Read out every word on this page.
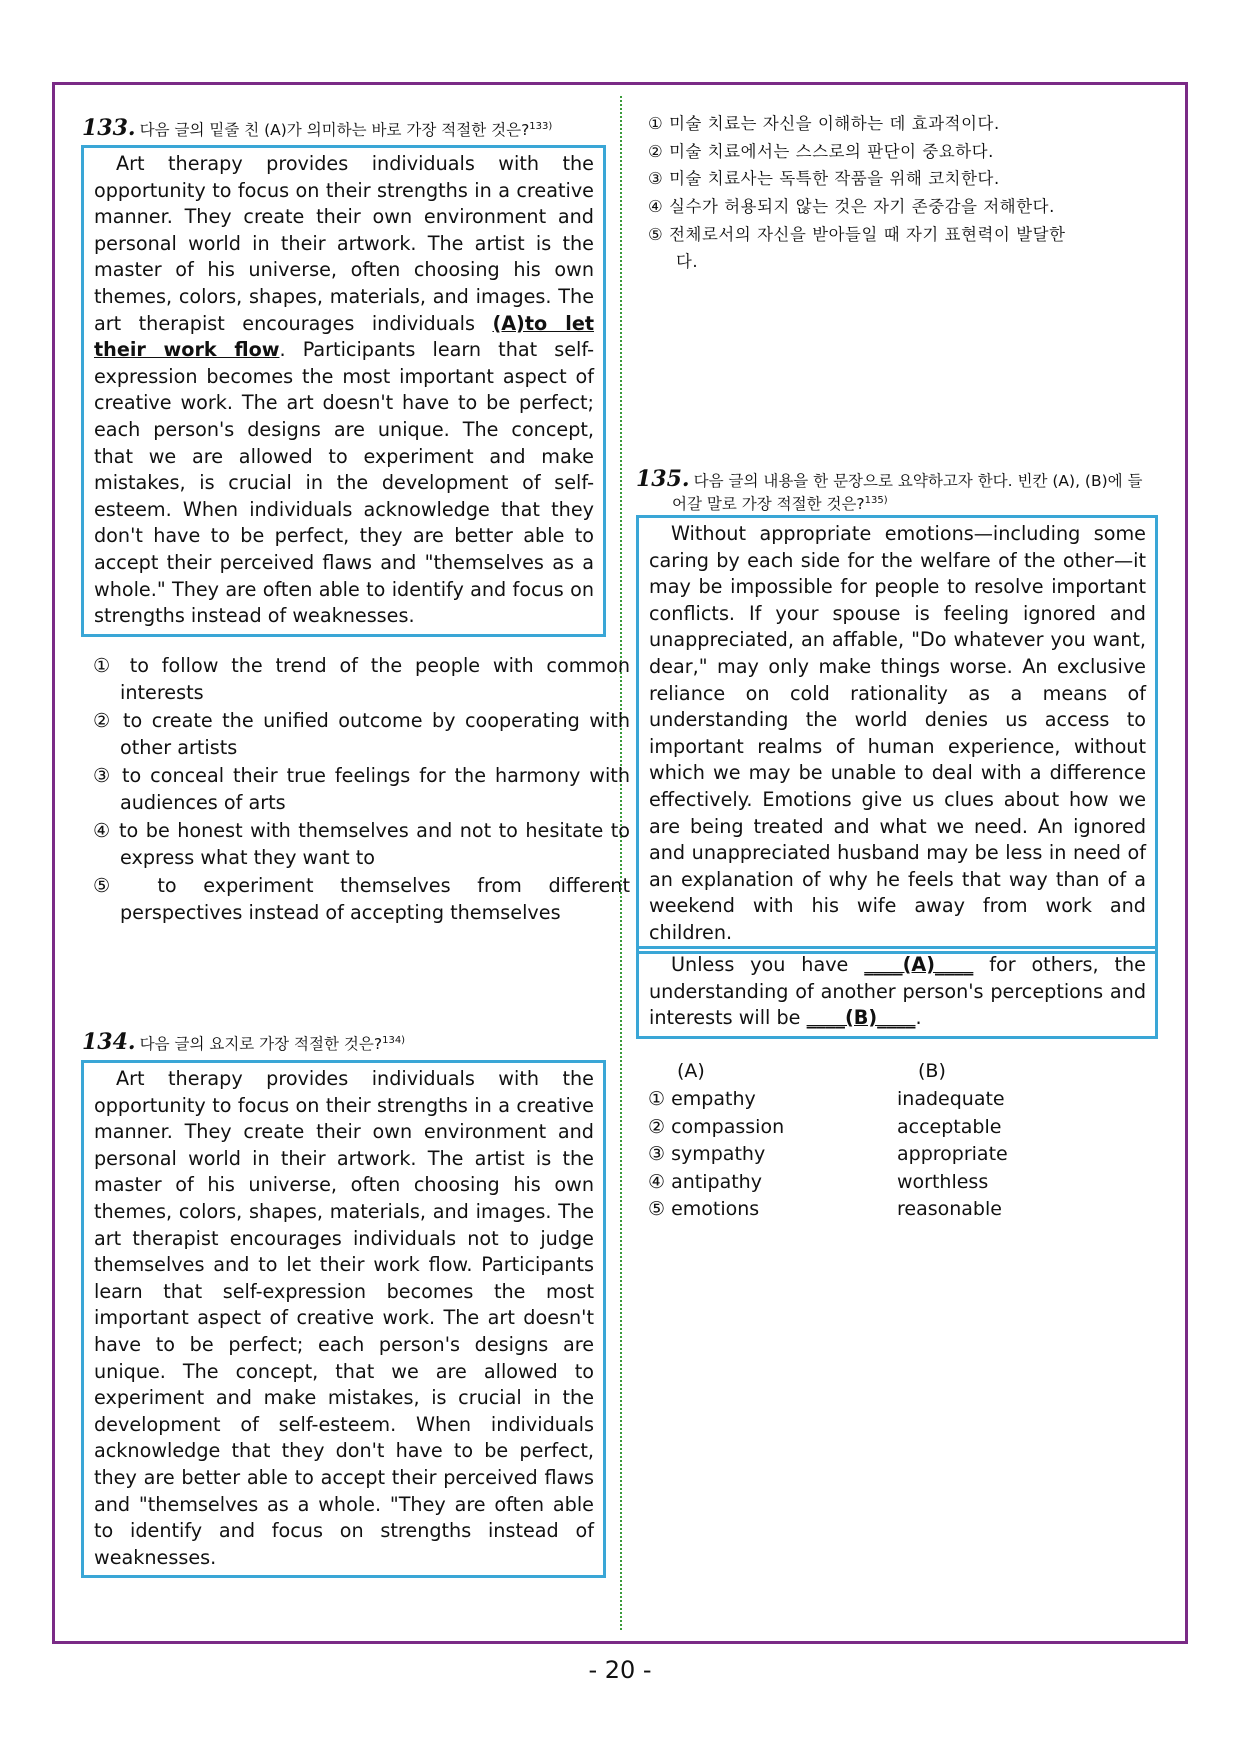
133. 다음 글의 밑줄 친 (A)가 의미하는 바로 가장 적절한 것은?$^{133)}$
Art therapy provides individuals with the opportunity to focus on their strengths in a creative manner. They create their own environment and personal world in their artwork. The artist is the master of his universe, often choosing his own themes, colors, shapes, materials, and images. The art therapist encourages individuals (A)to let their work flow. Participants learn that self-expression becomes the most important aspect of creative work. The art doesn't have to be perfect; each person's designs are unique. The concept, that we are allowed to experiment and make mistakes, is crucial in the development of self-esteem. When individuals acknowledge that they don't have to be perfect, they are better able to accept their perceived flaws and "themselves as a whole." They are often able to identify and focus on strengths instead of weaknesses.
① to follow the trend of the people with common interests
② to create the unified outcome by cooperating with other artists
③ to conceal their true feelings for the harmony with audiences of arts
④ to be honest with themselves and not to hesitate to express what they want to
⑤ to experiment themselves from different perspectives instead of accepting themselves
134. 다음 글의 요지로 가장 적절한 것은?$^{134)}$
Art therapy provides individuals with the opportunity to focus on their strengths in a creative manner. They create their own environment and personal world in their artwork. The artist is the master of his universe, often choosing his own themes, colors, shapes, materials, and images. The art therapist encourages individuals not to judge themselves and to let their work flow. Participants learn that self-expression becomes the most important aspect of creative work. The art doesn't have to be perfect; each person's designs are unique. The concept, that we are allowed to experiment and make mistakes, is crucial in the development of self-esteem. When individuals acknowledge that they don't have to be perfect, they are better able to accept their perceived flaws and "themselves as a whole. "They are often able to identify and focus on strengths instead of weaknesses.
① 미술 치료는 자신을 이해하는 데 효과적이다.
② 미술 치료에서는 스스로의 판단이 중요하다.
③ 미술 치료사는 독특한 작품을 위해 코치한다.
④ 실수가 허용되지 않는 것은 자기 존중감을 저해한다.
⑤ 전체로서의 자신을 받아들일 때 자기 표현력이 발달한
다.
135. 다음 글의 내용을 한 문장으로 요약하고자 한다. 빈칸 (A), (B)에 들
어갈 말로 가장 적절한 것은?$^{135)}$
Without appropriate emotions—including some caring by each side for the welfare of the other—it may be impossible for people to resolve important conflicts. If your spouse is feeling ignored and unappreciated, an affable, "Do whatever you want, dear," may only make things worse. An exclusive reliance on cold rationality as a means of understanding the world denies us access to important realms of human experience, without which we may be unable to deal with a difference effectively. Emotions give us clues about how we are being treated and what we need. An ignored and unappreciated husband may be less in need of an explanation of why he feels that way than of a weekend with his wife away from work and children.
Unless you have ____(A)____ for others, the understanding of another person's perceptions and interests will be ____(B)____.
(A)	(B)
① empathy	inadequate
② compassion	acceptable
③ sympathy	appropriate
④ antipathy	worthless
⑤ emotions	reasonable
- 20 -
